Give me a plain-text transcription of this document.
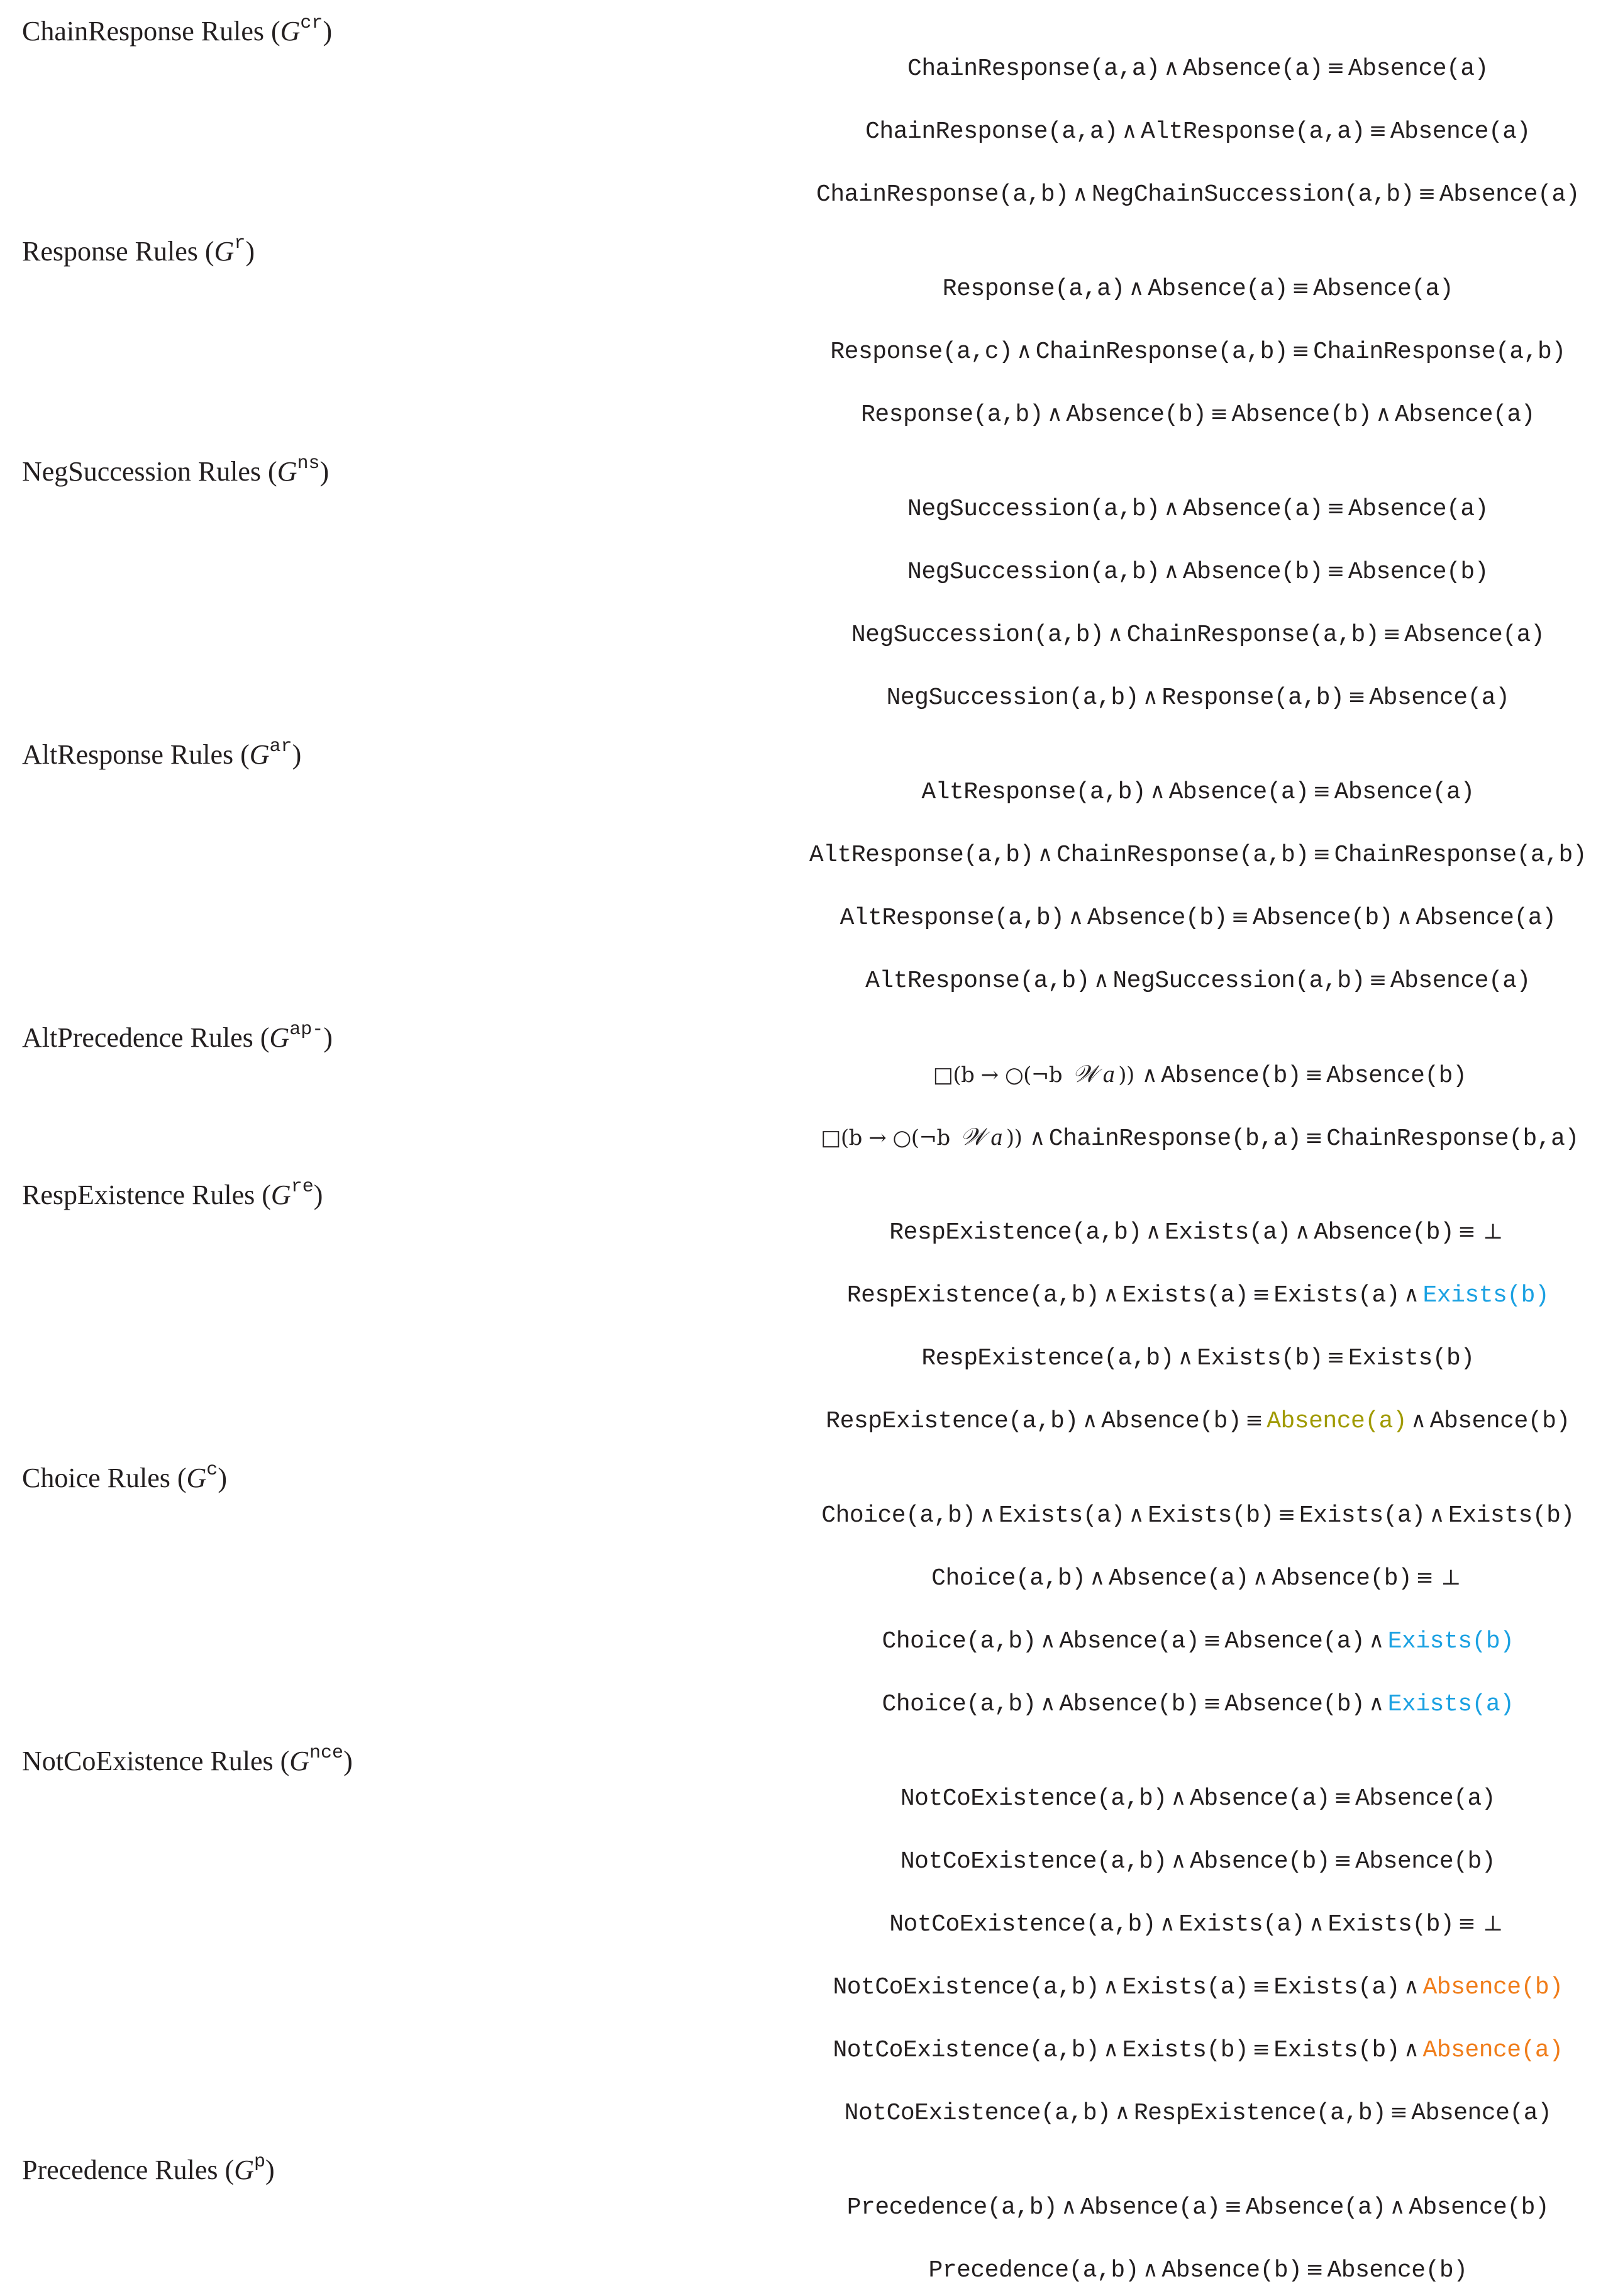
ChainResponse Rules $(G^{cr})$
ChainResponse(a,a) ∧ Absence(a) ≡ Absence(a)
ChainResponse(a,a) ∧ AltResponse(a,a) ≡ Absence(a)
ChainResponse(a,b) ∧ NegChainSuccession(a,b) ≡ Absence(a)
Response Rules $(G^r)$
Response(a,a) ∧ Absence(a) ≡ Absence(a)
Response(a,c) ∧ ChainResponse(a,b) ≡ ChainResponse(a,b)
Response(a,b) ∧ Absence(b) ≡ Absence(b) ∧ Absence(a)
NegSuccession Rules $(G^{ns})$
NegSuccession(a,b) ∧ Absence(a) ≡ Absence(a)
NegSuccession(a,b) ∧ Absence(b) ≡ Absence(b)
NegSuccession(a,b) ∧ ChainResponse(a,b) ≡ Absence(a)
NegSuccession(a,b) ∧ Response(a,b) ≡ Absence(a)
AltResponse Rules $(G^{ar})$
AltResponse(a,b) ∧ Absence(a) ≡ Absence(a)
AltResponse(a,b) ∧ ChainResponse(a,b) ≡ ChainResponse(a,b)
AltResponse(a,b) ∧ Absence(b) ≡ Absence(b) ∧ Absence(a)
AltResponse(a,b) ∧ NegSuccession(a,b) ≡ Absence(a)
AltPrecedence Rules $(G^{ap-})$
□(b → ○(¬b 𝒲 a )) ∧ Absence(b) ≡ Absence(b)
□(b → ○(¬b 𝒲 a )) ∧ ChainResponse(b,a) ≡ ChainResponse(b,a)
RespExistence Rules $(G^{re})$
RespExistence(a,b) ∧ Exists(a) ∧ Absence(b) ≡ ⊥
RespExistence(a,b) ∧ Exists(a) ≡ Exists(a) ∧ Exists(b)
RespExistence(a,b) ∧ Exists(b) ≡ Exists(b)
RespExistence(a,b) ∧ Absence(b) ≡ Absence(a) ∧ Absence(b)
Choice Rules $(G^c)$
Choice(a,b) ∧ Exists(a) ∧ Exists(b) ≡ Exists(a) ∧ Exists(b)
Choice(a,b) ∧ Absence(a) ∧ Absence(b) ≡ ⊥
Choice(a,b) ∧ Absence(a) ≡ Absence(a) ∧ Exists(b)
Choice(a,b) ∧ Absence(b) ≡ Absence(b) ∧ Exists(a)
NotCoExistence Rules $(G^{nce})$
NotCoExistence(a,b) ∧ Absence(a) ≡ Absence(a)
NotCoExistence(a,b) ∧ Absence(b) ≡ Absence(b)
NotCoExistence(a,b) ∧ Exists(a) ∧ Exists(b) ≡ ⊥
NotCoExistence(a,b) ∧ Exists(a) ≡ Exists(a) ∧ Absence(b)
NotCoExistence(a,b) ∧ Exists(b) ≡ Exists(b) ∧ Absence(a)
NotCoExistence(a,b) ∧ RespExistence(a,b) ≡ Absence(a)
Precedence Rules $(G^p)$
Precedence(a,b) ∧ Absence(a) ≡ Absence(a) ∧ Absence(b)
Precedence(a,b) ∧ Absence(b) ≡ Absence(b)
